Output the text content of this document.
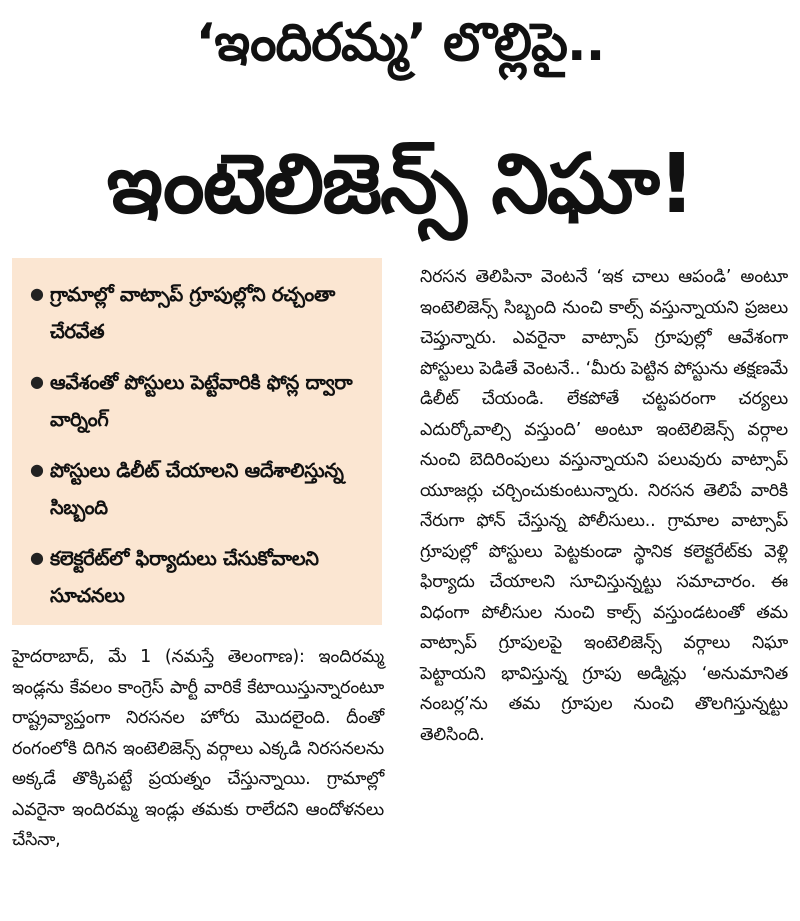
‘ఇందిరమ్మ’ లొల్లిపై..
ఇంటెలిజెన్స్‌ నిఘా!
● గ్రామాల్లో వాట్సాప్‌ గ్రూపుల్లోని రచ్చంతా చేరవేత
● ఆవేశంతో పోస్టులు పెట్టేవారికి ఫోన్ల ద్వారా వార్నింగ్‌
● పోస్టులు డిలీట్‌ చేయాలని ఆదేశాలిస్తున్న సిబ్బంది
● కలెక్టరేట్‌లో ఫిర్యాదులు చేసుకోవాలని సూచనలు
హైదరాబాద్‌, మే 1 (నమస్తే తెలంగాణ): ఇందిరమ్మ ఇండ్లను కేవలం కాంగ్రెస్‌ పార్టీ వారికే కేటాయిస్తున్నారంటూ రాష్ట్రవ్యాప్తంగా నిరసనల హోరు మొదలైంది. దీంతో రంగంలోకి దిగిన ఇంటెలిజెన్స్‌ వర్గాలు ఎక్కడి నిరసనలను అక్కడే తొక్కిపట్టే ప్రయత్నం చేస్తున్నాయి. గ్రామాల్లో ఎవరైనా ఇందిరమ్మ ఇండ్లు తమకు రాలేదని ఆందోళనలు చేసినా,
నిరసన తెలిపినా వెంటనే ‘ఇక చాలు ఆపండి’ అంటూ ఇంటెలిజెన్స్‌ సిబ్బంది నుంచి కాల్స్‌ వస్తున్నాయని ప్రజలు చెప్తున్నారు. ఎవరైనా వాట్సాప్‌ గ్రూపుల్లో ఆవేశంగా పోస్టులు పెడితే వెంటనే.. ‘మీరు పెట్టిన పోస్టును తక్షణమే డిలీట్‌ చేయండి. లేకపోతే చట్టపరంగా చర్యలు ఎదుర్కోవాల్సి వస్తుంది’ అంటూ ఇంటెలిజెన్స్‌ వర్గాల నుంచి బెదిరింపులు వస్తున్నాయని పలువురు వాట్సాప్‌ యూజర్లు చర్చించుకుంటున్నారు. నిరసన తెలిపే వారికి నేరుగా ఫోన్‌ చేస్తున్న పోలీసులు.. గ్రామాల వాట్సాప్‌ గ్రూపుల్లో పోస్టులు పెట్టకుండా స్థానిక కలెక్టరేట్‌కు వెళ్లి ఫిర్యాదు చేయాలని సూచిస్తున్నట్టు సమాచారం. ఈ విధంగా పోలీసుల నుంచి కాల్స్‌ వస్తుండటంతో తమ వాట్సాప్‌ గ్రూపులపై ఇంటెలిజెన్స్‌ వర్గాలు నిఘా పెట్టాయని భావిస్తున్న గ్రూపు అడ్మిన్లు ‘అనుమానిత నంబర్ల’ను తమ గ్రూపుల నుంచి తొలగిస్తున్నట్టు తెలిసింది.
